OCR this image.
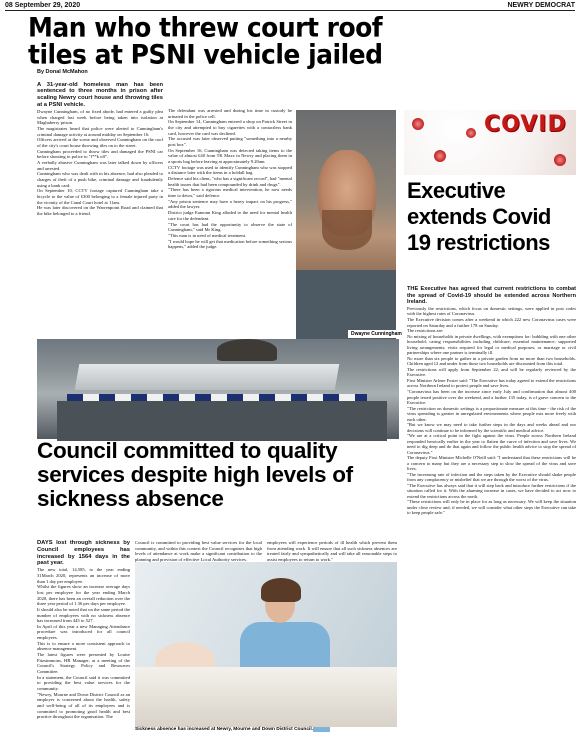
08 September 29, 2020	NEWRY DEMOCRAT
Man who threw court roof tiles at PSNI vehicle jailed
By Donal McMahon

A 31-year-old homeless man has been sentenced to three months in prison after scaling Newry court house and throwing tiles at a PSNI vehicle.

Dwayne Cunningham, of no fixed abode, had entered a guilty plea when charged last week before being taken into isolation at Maghaberry prison.

The magistrates heard that police were alerted to Cunningham's criminal damage activity at around midday on September 16.

Officers arrived at the scene and observed Cunningham on the roof of the city's court house throwing tiles on to the street.

Cunningham proceeded to throw tiles and damaged the PSNI car before shouting to police to "f**k off".

A verbally abusive Cunningham was later talked down by officers and arrested.

Cunningham who was dealt with in his absence, had also pleaded to charges of theft of a push bike, criminal damage and fraudulently using a bank card.

On September 10, CCTV footage captured Cunningham take a bicycle to the value of £300 belonging to a female injured party in the vicinity of the Canal Court hotel at 11am.

He was later discovered on the Warrenpoint Road and claimed that the bike belonged to a friend.

The defendant was arrested and during his time in custody he urinated in the police cell.

On September 14, Cunningham entered a shop on Patrick Street in the city and attempted to buy cigarettes with a contactless bank card, however the card was declined.

The accused was later observed putting "something into a nearby post box".

On September 16, Cunningham was detected taking items to the value of almost £40 from TK Maxx in Newry and placing them in a sports bag before leaving at approximately 9.20am.

CCTV footage was used to identify Cunningham who was stopped a distance later with the items in a holdall bag.

Defence said his client, "who has a significant record", had "mental health issues that had been compounded by drink and drugs".

"There has been a rigorous medical intervention, he now needs time to detox," said defence.

"Any prison sentence may have a heavy impact on his progress," added the lawyer.

District judge Eamonn King alluded to the need for mental health care for the defendant.

"The court has had the opportunity to observe the state of Cunningham," said Mr King.

"This man is in need of medical treatment.

"I would hope he will get that medication before something serious happens," added the judge.

Dwayne Cunningham
COVID
Executive extends Covid 19 restrictions

THE Executive has agreed that current restrictions to combat the spread of Covid-19 should be extended across Northern Ireland.

Previously the restrictions, which focus on domestic settings, were applied in post codes with the highest rates of Coronavirus.

The Executive decision comes after a weekend in which 222 new Coronavirus cases were reported on Saturday and a further 178 on Sunday.

The restrictions are:

No mixing of households in private dwellings, with exemptions for: bubbling with one other household; caring responsibilities including childcare; essential maintenance; supported living arrangements; visits required for legal or medical purposes; or marriage or civil partnerships where one partner is terminally ill.

No more than six people to gather in a private garden from no more than two households. Children aged 12 and under from those two households are discounted from this total.

The restrictions will apply from September 22, and will be regularly reviewed by the Executive.

First Minister Arlene Foster said: "The Executive has today agreed to extend the restrictions across Northern Ireland to protect people and save lives.

"Coronavirus has been on the increase since early July and confirmation that almost 400 people tested positive over the weekend, and a further 135 today, is of grave concern to the Executive.

"The restriction on domestic settings is a proportionate measure at this time - the risk of the virus spreading is greater in unregulated environments where people mix more freely with each other.

"But we know we may need to take further steps in the days and weeks ahead and our decisions will continue to be informed by the scientific and medical advice.

"We are at a critical point in the fight against the virus. People across Northern Ireland responded heroically earlier in the year to flatten the curve of infection and save lives. We need to dig deep and do that again and follow the public health advice to stop the spread of Coronavirus."

The deputy First Minister Michelle O'Neill said: "I understand that these restrictions will be a concern to many but they are a necessary step to slow the spread of the virus and save lives.

"The increasing rate of infection and the steps taken by the Executive should shake people from any complacency or misbelief that we are through the worst of the virus.

"The Executive has always said that it will step back and introduce further restrictions if the situation called for it. With the alarming increase in cases, we have decided to act now to extend the restrictions across the north.

"These restrictions will only be in place for as long as necessary. We will keep the situation under close review and, if needed, we will consider what other steps the Executive can take to keep people safe."

Council committed to quality services despite high levels of sickness absence

DAYS lost through sickness by Council employees has increased by 1564 days in the past year.

The new total, 14,585, to the year ending 31March 2020, represents an increase of more than 1 day per employee.

Whilst the figures show an increase average days lost per employee for the year ending March 2020, there has been an overall reduction over the three year period of 1.36 per days per employee.

It should also be noted that on the same period the number of employees with no sickness absence has increased from 445 to 527.

In April of this year a new Managing Attendance procedure was introduced for all council employees.

This is to ensure a more consistent approach to absence management.

The latest figures were presented by Louise Fitzsimmons, HR Manager, at a meeting of the Council's Strategy Policy and Resources Committee.

In a statement, the Council said it was committed to providing the best value services for the community.

"Newry, Mourne and Down District Council as an employer is concerned about the health, safety and well-being of all of its employees and is committed to promoting good health and best practice throughout the organisation. The

Council is committed to providing best value services for the local community, and within this context the Council recognises that high levels of attendance at work make a significant contribution to the planning and provision of effective Local Authority services.

employees will experience periods of ill health which prevent them from attending work. It will ensure that all such sickness absences are treated fairly and sympathetically and will take all reasonable steps to assist employees to return to work."

Sickness absence has increased at Newry, Mourne and Down District Council.
